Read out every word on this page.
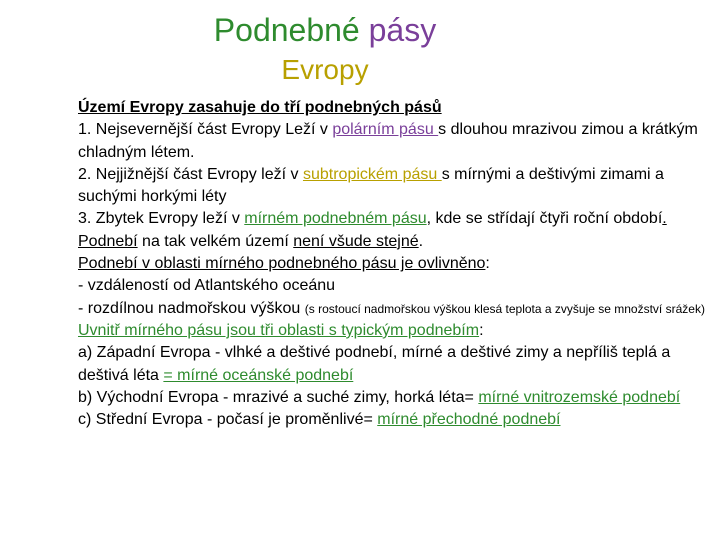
Podnebné pásy
Evropy
Území Evropy zasahuje do tří podnebných pásů
1. Nejsevernější část Evropy Leží v polárním pásu s dlouhou mrazivou zimou a krátkým chladným létem.
2. Nejjižnější část Evropy leží v subtropickém pásu s mírnými a deštivými zimami a suchými horkými léty
3. Zbytek Evropy leží v mírném podnebném pásu, kde se střídají čtyři roční období. Podnebí na tak velkém území není všude stejné.
Podnebí v oblasti mírného podnebného pásu je ovlivněno:
- vzdáleností od Atlantského oceánu
- rozdílnou nadmořskou výškou (s rostoucí nadmořskou výškou klesá teplota a zvyšuje se množství srážek)
Uvnitř mírného pásu jsou tři oblasti s typickým podnebím:
a) Západní Evropa - vlhké a deštivé podnebí, mírné a deštivé zimy a nepříliš teplá a deštivá léta = mírné oceánské podnebí
b) Východní Evropa - mrazivé a suché zimy, horká léta= mírné vnitrozemské podnebí
c) Střední Evropa - počasí je proměnlivé= mírné přechodné podnebí
